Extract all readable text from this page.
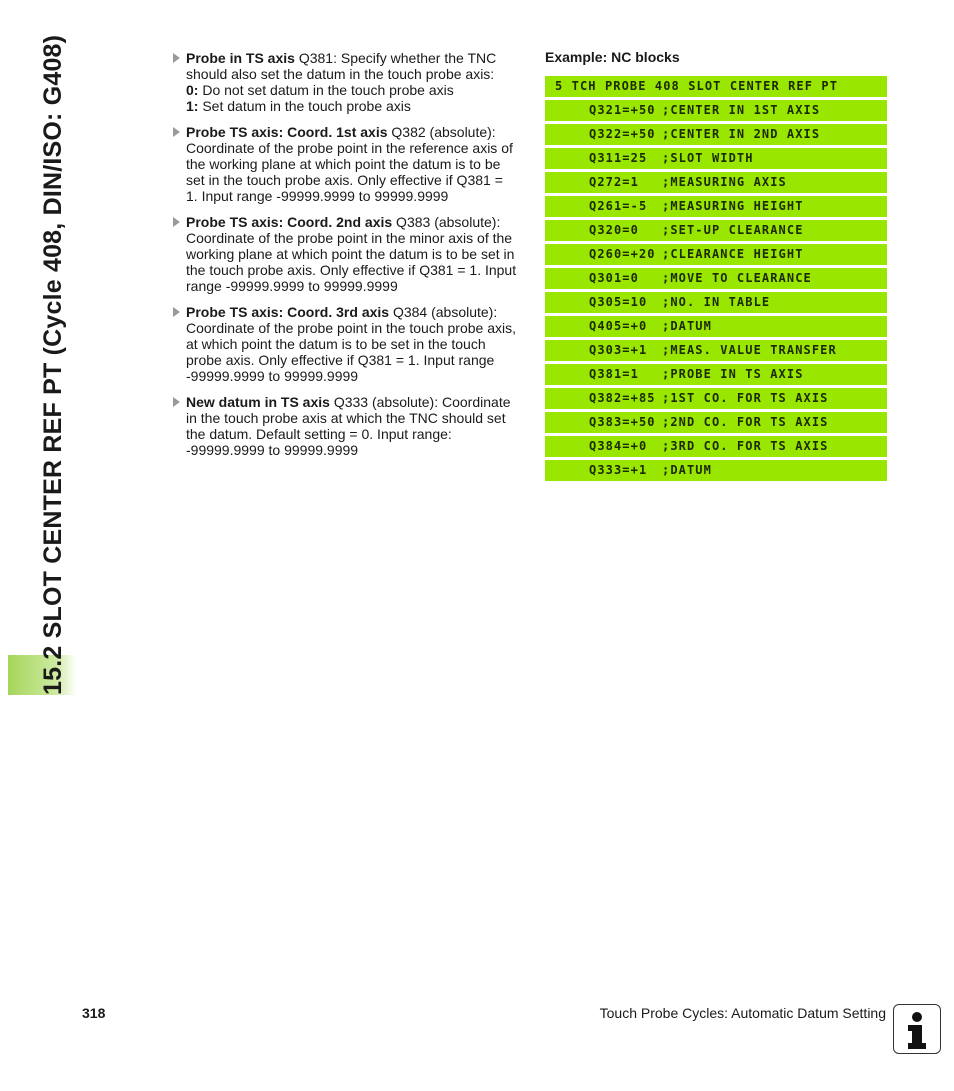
15.2 SLOT CENTER REF PT (Cycle 408, DIN/ISO: G408)	Probe in TS axis Q381: Specify whether the TNC
should also set the datum in the touch probe axis:
0: Do not set datum in the touch probe axis
1: Set datum in the touch probe axis
Probe TS axis: Coord. 1st axis Q382 (absolute):
Coordinate of the probe point in the reference axis of
the working plane at which point the datum is to be
set in the touch probe axis. Only effective if Q381 =
1. Input range -99999.9999 to 99999.9999
Probe TS axis: Coord. 2nd axis Q383 (absolute):
Coordinate of the probe point in the minor axis of the
working plane at which point the datum is to be set in
the touch probe axis. Only effective if Q381 = 1. Input
range -99999.9999 to 99999.9999
Probe TS axis: Coord. 3rd axis Q384 (absolute):
Coordinate of the probe point in the touch probe axis,
at which point the datum is to be set in the touch
probe axis. Only effective if Q381 = 1. Input range
-99999.9999 to 99999.9999
New datum in TS axis Q333 (absolute): Coordinate
in the touch probe axis at which the TNC should set
the datum. Default setting = 0. Input range:
-99999.9999 to 99999.9999
Example: NC blocks
5 TCH PROBE 408 SLOT CENTER REF PT
Q321=+50 ;CENTER IN 1ST AXIS
Q322=+50 ;CENTER IN 2ND AXIS
Q311=25 ;SLOT WIDTH
Q272=1 ;MEASURING AXIS
Q261=-5 ;MEASURING HEIGHT
Q320=0 ;SET-UP CLEARANCE
Q260=+20 ;CLEARANCE HEIGHT
Q301=0 ;MOVE TO CLEARANCE
Q305=10 ;NO. IN TABLE
Q405=+0 ;DATUM
Q303=+1 ;MEAS. VALUE TRANSFER
Q381=1 ;PROBE IN TS AXIS
Q382=+85 ;1ST CO. FOR TS AXIS
Q383=+50 ;2ND CO. FOR TS AXIS
Q384=+0 ;3RD CO. FOR TS AXIS
Q333=+1 ;DATUM
318	Touch Probe Cycles: Automatic Datum Setting
